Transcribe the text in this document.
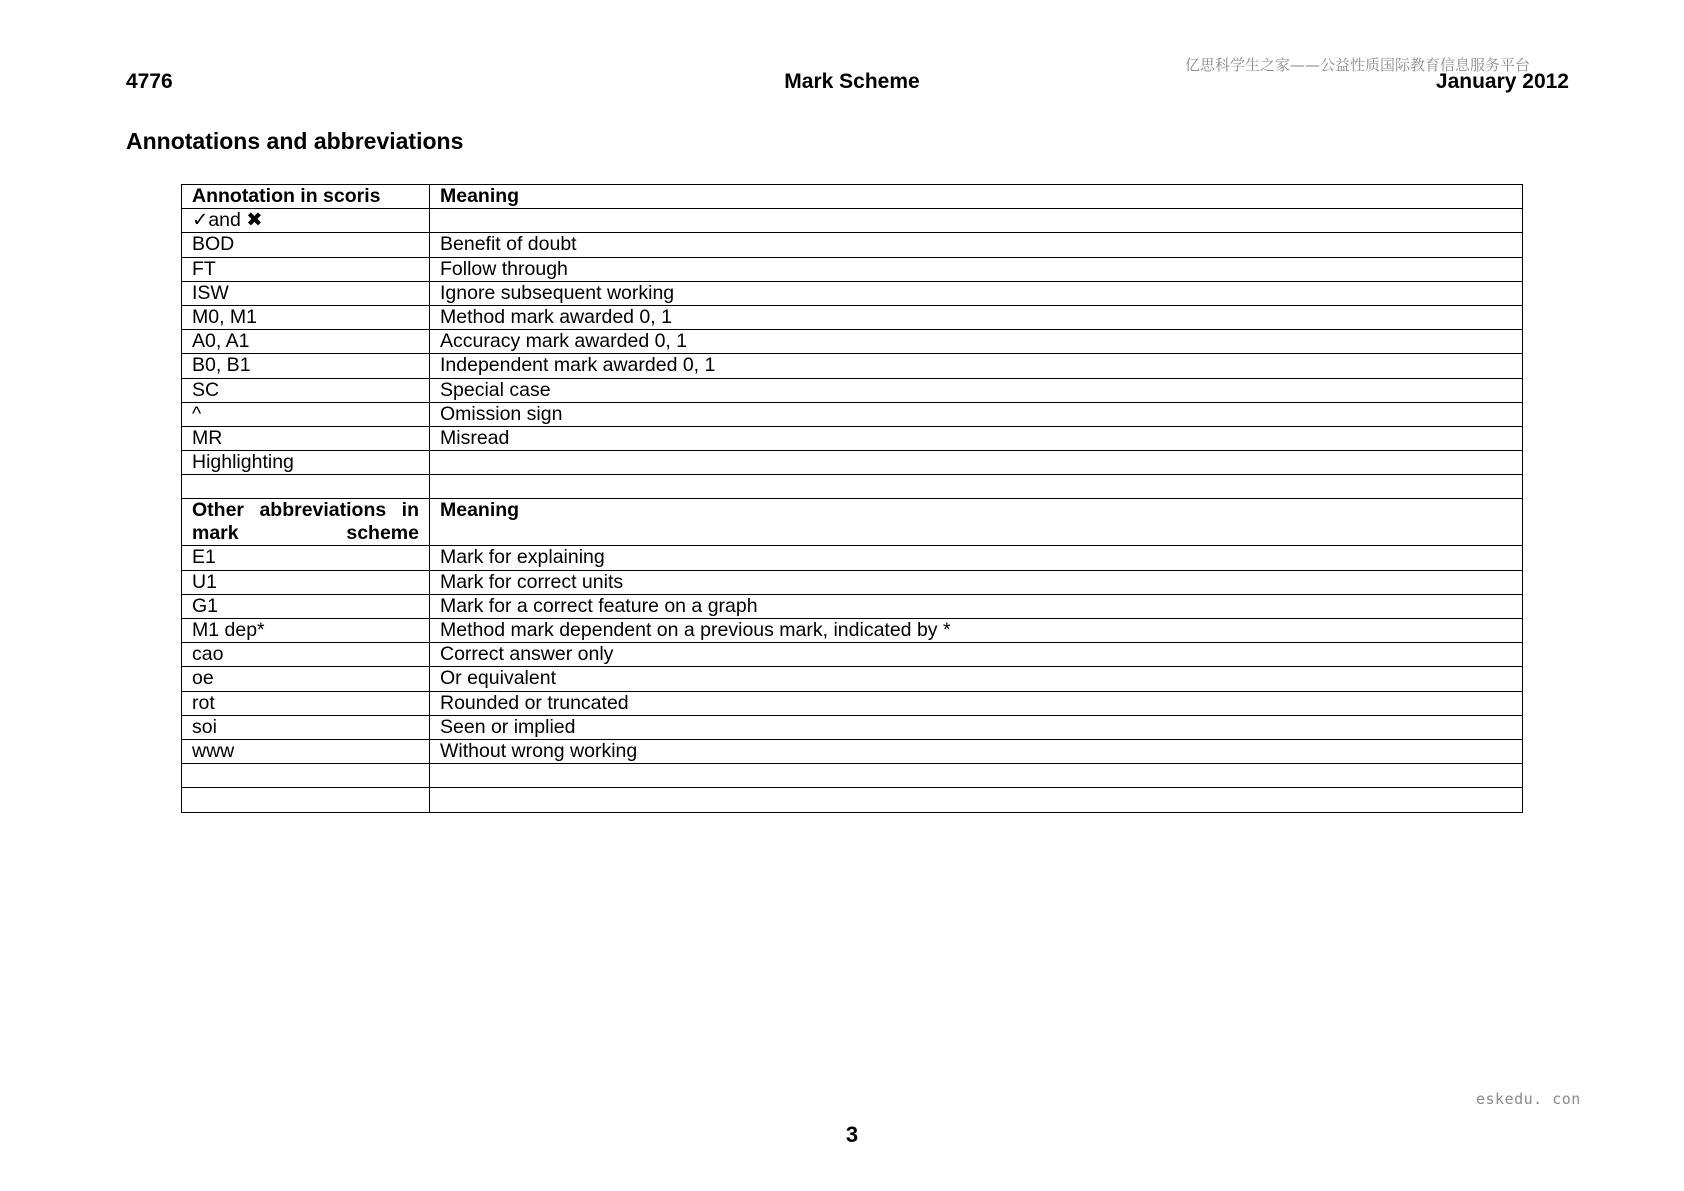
亿思科学生之家——公益性质国际教育信息服务平台
4776	Mark Scheme	January 2012
Annotations and abbreviations
Annotation in scoris	Meaning
✓and ✖	
BOD	Benefit of doubt
FT	Follow through
ISW	Ignore subsequent working
M0, M1	Method mark awarded 0, 1
A0, A1	Accuracy mark awarded 0, 1
B0, B1	Independent mark awarded 0, 1
SC	Special case
^	Omission sign
MR	Misread
Highlighting	

Other abbreviations in
mark scheme	Meaning
E1	Mark for explaining
U1	Mark for correct units
G1	Mark for a correct feature on a graph
M1 dep*	Method mark dependent on a previous mark, indicated by *
cao	Correct answer only
oe	Or equivalent
rot	Rounded or truncated
soi	Seen or implied
www	Without wrong working

eskedu. con
3
